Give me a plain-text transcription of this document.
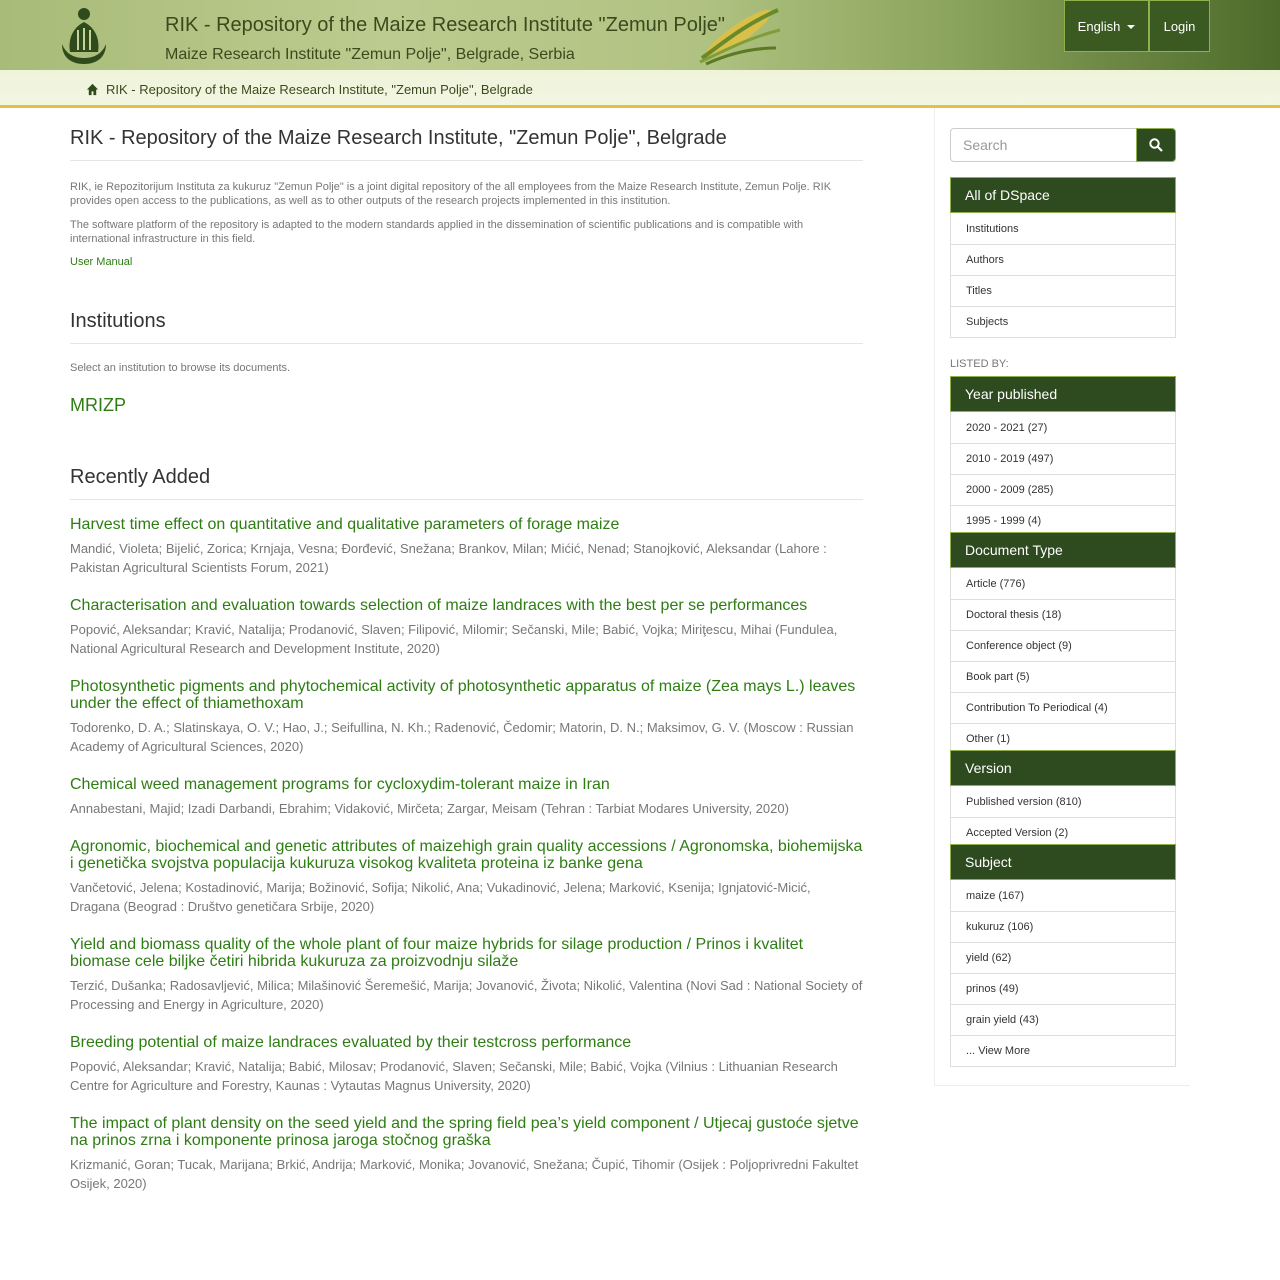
RIK - Repository of the Maize Research Institute "Zemun Polje"
Maize Research Institute "Zemun Polje", Belgrade, Serbia
English	Login
RIK - Repository of the Maize Research Institute, "Zemun Polje", Belgrade
RIK - Repository of the Maize Research Institute, "Zemun Polje", Belgrade

RIK, ie Repozitorijum Instituta za kukuruz "Zemun Polje" is a joint digital repository of the all employees from the Maize Research Institute, Zemun Polje. RIK provides open access to the publications, as well as to other outputs of the research projects implemented in this institution.

The software platform of the repository is adapted to the modern standards applied in the dissemination of scientific publications and is compatible with international infrastructure in this field.

User Manual
Institutions
Select an institution to browse its documents.
MRIZP
Recently Added
Harvest time effect on quantitative and qualitative parameters of forage maize
Mandić, Violeta; Bijelić, Zorica; Krnjaja, Vesna; Đorđević, Snežana; Brankov, Milan; Mićić, Nenad; Stanojković, Aleksandar (Lahore : Pakistan Agricultural Scientists Forum, 2021)
Characterisation and evaluation towards selection of maize landraces with the best per se performances
Popović, Aleksandar; Kravić, Natalija; Prodanović, Slaven; Filipović, Milomir; Sečanski, Mile; Babić, Vojka; Miriţescu, Mihai (Fundulea, National Agricultural Research and Development Institute, 2020)
Photosynthetic pigments and phytochemical activity of photosynthetic apparatus of maize (Zea mays L.) leaves under the effect of thiamethoxam
Todorenko, D. A.; Slatinskaya, O. V.; Hao, J.; Seifullina, N. Kh.; Radenović, Čedomir; Matorin, D. N.; Maksimov, G. V. (Moscow : Russian Academy of Agricultural Sciences, 2020)
Chemical weed management programs for cycloxydim-tolerant maize in Iran
Annabestani, Majid; Izadi Darbandi, Ebrahim; Vidaković, Mirčeta; Zargar, Meisam (Tehran : Tarbiat Modares University, 2020)
Agronomic, biochemical and genetic attributes of maizehigh grain quality accessions / Agronomska, biohemijska i genetička svojstva populacija kukuruza visokog kvaliteta proteina iz banke gena
Vančetović, Jelena; Kostadinović, Marija; Božinović, Sofija; Nikolić, Ana; Vukadinović, Jelena; Marković, Ksenija; Ignjatović-Micić, Dragana (Beograd : Društvo genetičara Srbije, 2020)
Yield and biomass quality of the whole plant of four maize hybrids for silage production / Prinos i kvalitet biomase cele biljke četiri hibrida kukuruza za proizvodnju silaže
Terzić, Dušanka; Radosavljević, Milica; Milašinović Šeremešić, Marija; Jovanović, Života; Nikolić, Valentina (Novi Sad : National Society of Processing and Energy in Agriculture, 2020)
Breeding potential of maize landraces evaluated by their testcross performance
Popović, Aleksandar; Kravić, Natalija; Babić, Milosav; Prodanović, Slaven; Sečanski, Mile; Babić, Vojka (Vilnius : Lithuanian Research Centre for Agriculture and Forestry, Kaunas : Vytautas Magnus University, 2020)
The impact of plant density on the seed yield and the spring field pea’s yield component / Utjecaj gustoće sjetve na prinos zrna i komponente prinosa jaroga stočnog graška
Krizmanić, Goran; Tucak, Marijana; Brkić, Andrija; Marković, Monika; Jovanović, Snežana; Čupić, Tihomir (Osijek : Poljoprivredni Fakultet Osijek, 2020)
Search
All of DSpace
Institutions
Authors
Titles
Subjects
LISTED BY:
Year published
2020 - 2021 (27)
2010 - 2019 (497)
2000 - 2009 (285)
1995 - 1999 (4)
Document Type
Article (776)
Doctoral thesis (18)
Conference object (9)
Book part (5)
Contribution To Periodical (4)
Other (1)
Version
Published version (810)
Accepted Version (2)
Subject
maize (167)
kukuruz (106)
yield (62)
prinos (49)
grain yield (43)
... View More
